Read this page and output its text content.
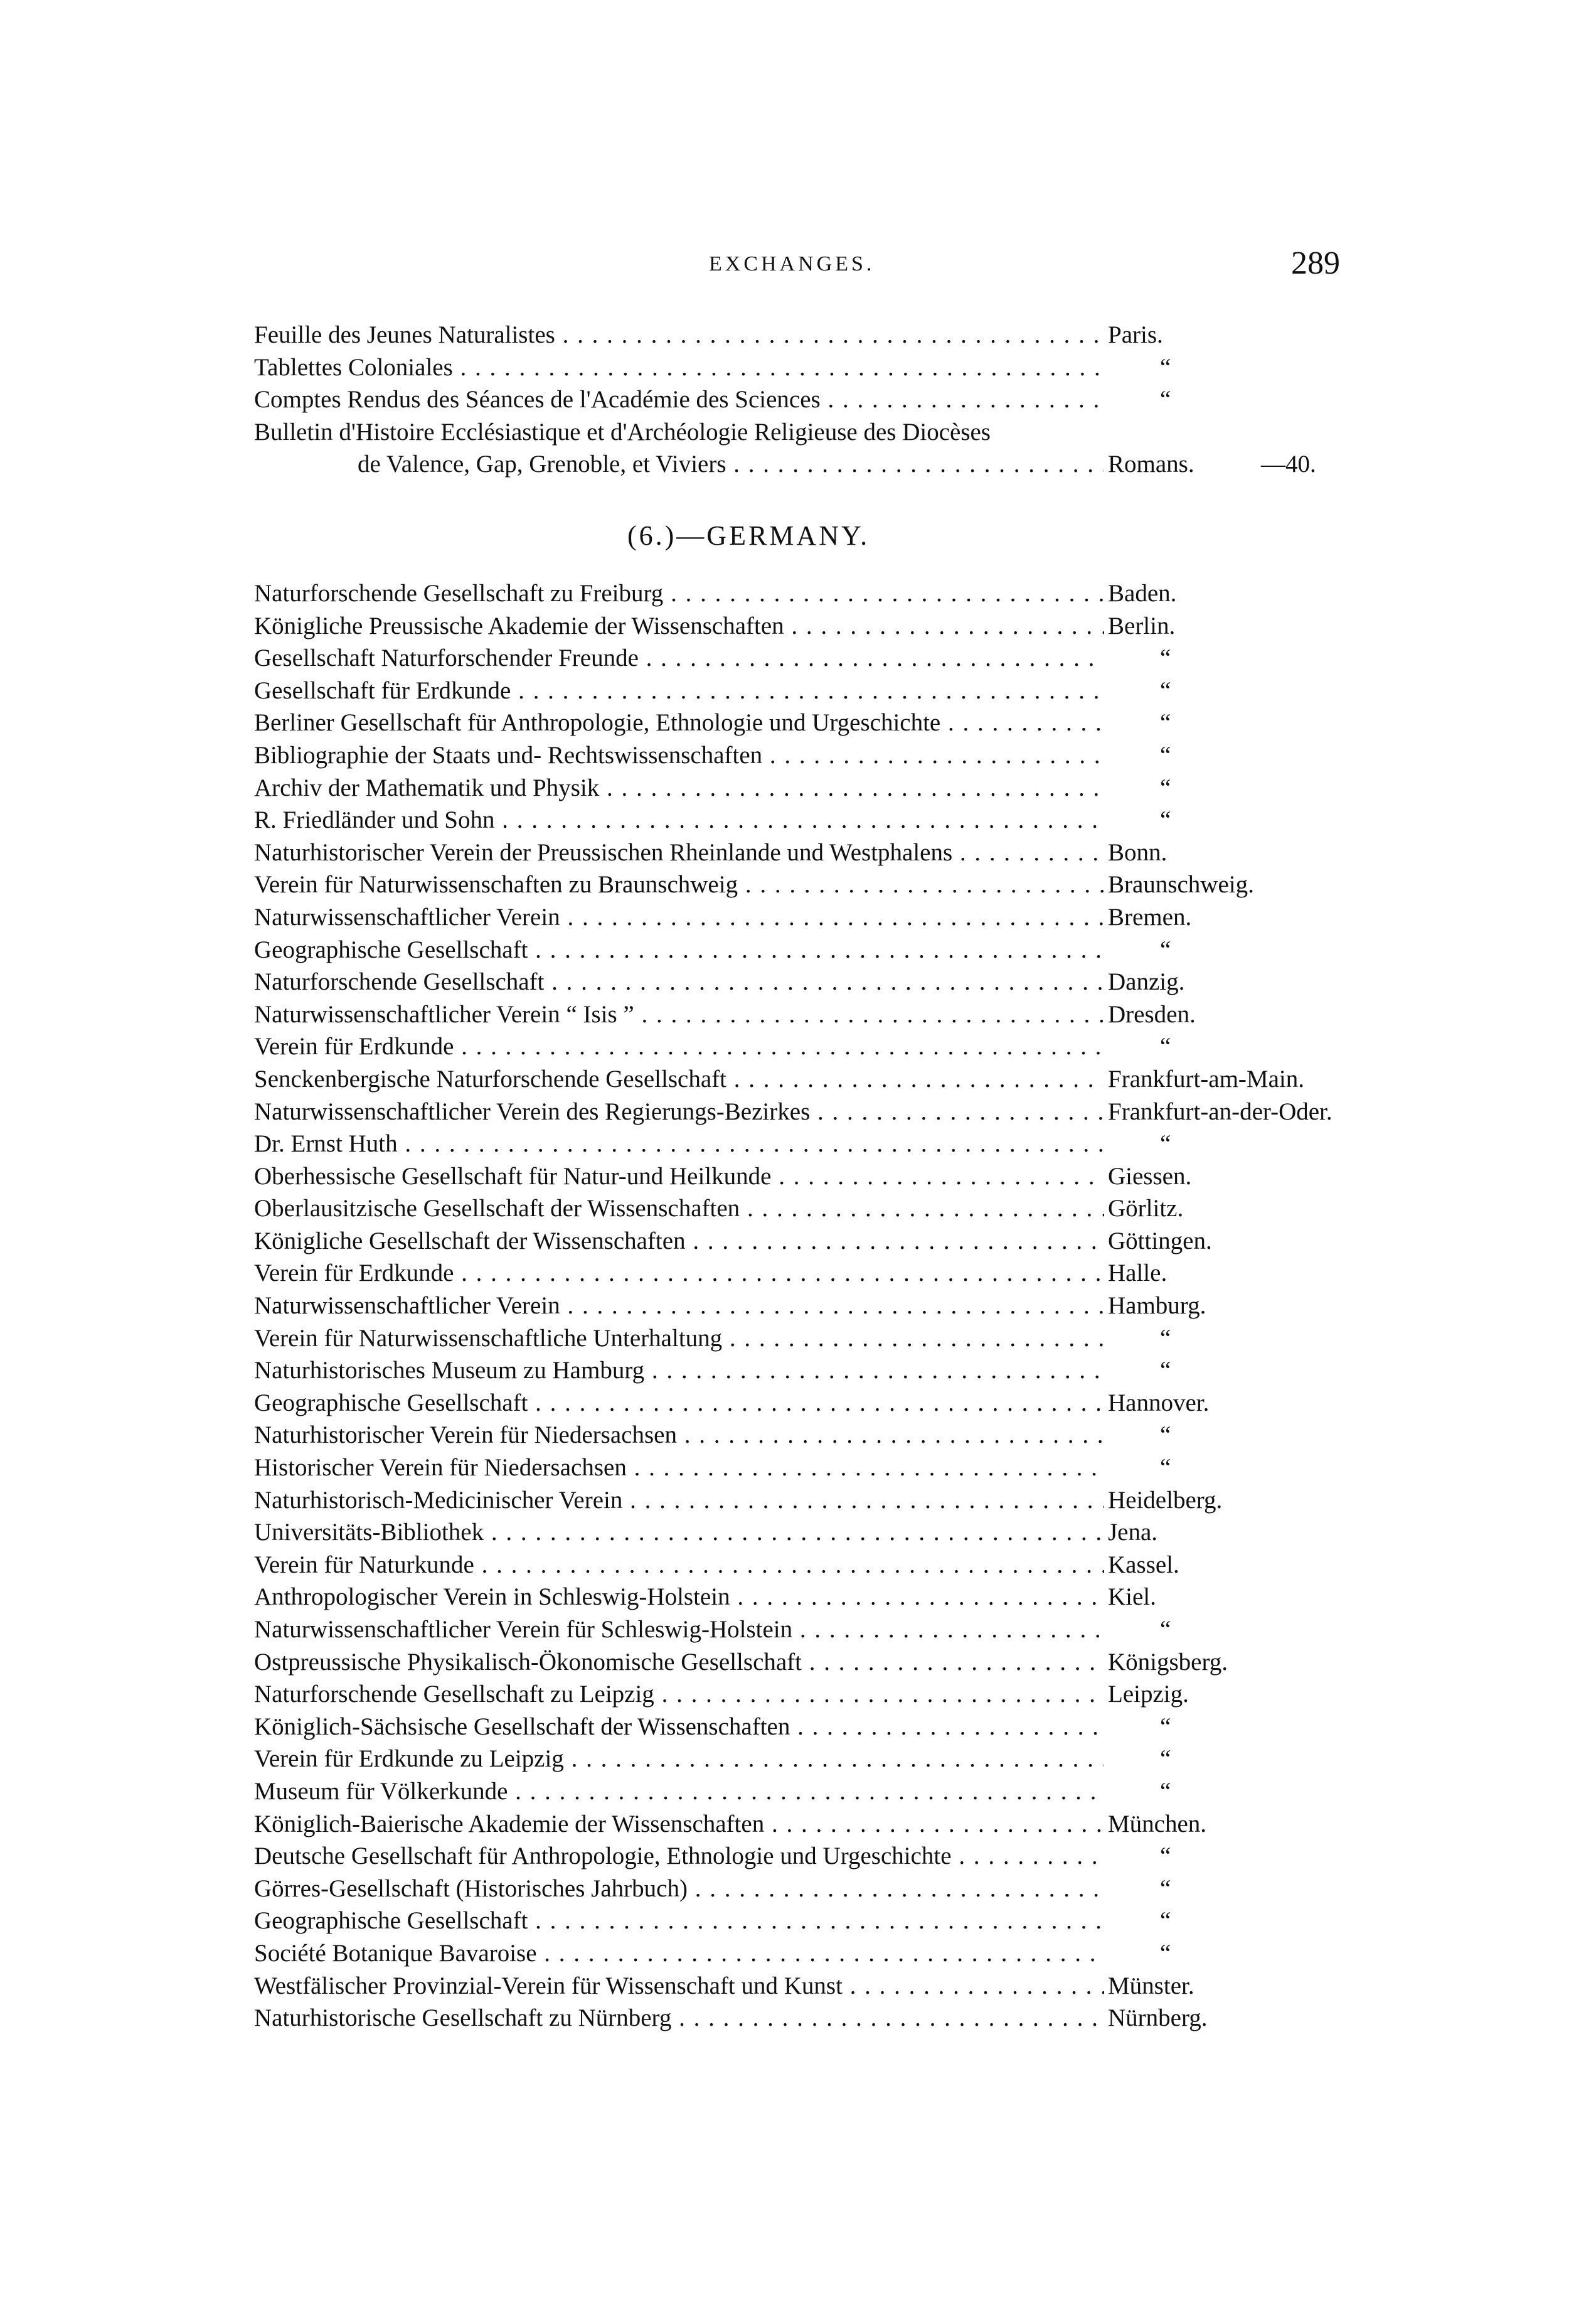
EXCHANGES.	289
Feuille des Jeunes Naturalistes . . .	Paris.
Tablettes Coloniales . . .	“
Comptes Rendus des Séances de l'Académie des Sciences . . .	“
Bulletin d'Histoire Ecclésiastique et d'Archéologie Religieuse des Diocèses
de Valence, Gap, Grenoble, et Viviers . . .	Romans.	—40.
(6.)—GERMANY.
Naturforschende Gesellschaft zu Freiburg . . .	Baden.
Königliche Preussische Akademie der Wissenschaften . . .	Berlin.
Gesellschaft Naturforschender Freunde . . .	“
Gesellschaft für Erdkunde . . .	“
Berliner Gesellschaft für Anthropologie, Ethnologie und Urgeschichte . . .	“
Bibliographie der Staats und- Rechtswissenschaften . . .	“
Archiv der Mathematik und Physik . . .	“
R. Friedländer und Sohn . . .	“
Naturhistorischer Verein der Preussischen Rheinlande und Westphalens . . .	Bonn.
Verein für Naturwissenschaften zu Braunschweig . . .	Braunschweig.
Naturwissenschaftlicher Verein . . .	Bremen.
Geographische Gesellschaft . . .	“
Naturforschende Gesellschaft . . .	Danzig.
Naturwissenschaftlicher Verein “ Isis ” . . .	Dresden.
Verein für Erdkunde . . .	“
Senckenbergische Naturforschende Gesellschaft . . .	Frankfurt-am-Main.
Naturwissenschaftlicher Verein des Regierungs-Bezirkes . . .	Frankfurt-an-der-Oder.
Dr. Ernst Huth . . .	“
Oberhessische Gesellschaft für Natur-und Heilkunde . . .	Giessen.
Oberlausitzische Gesellschaft der Wissenschaften . . .	Görlitz.
Königliche Gesellschaft der Wissenschaften . . .	Göttingen.
Verein für Erdkunde . . .	Halle.
Naturwissenschaftlicher Verein . . .	Hamburg.
Verein für Naturwissenschaftliche Unterhaltung . . .	“
Naturhistorisches Museum zu Hamburg . . .	“
Geographische Gesellschaft . . .	Hannover.
Naturhistorischer Verein für Niedersachsen . . .	“
Historischer Verein für Niedersachsen . . .	“
Naturhistorisch-Medicinischer Verein . . .	Heidelberg.
Universitäts-Bibliothek . . .	Jena.
Verein für Naturkunde . . .	Kassel.
Anthropologischer Verein in Schleswig-Holstein . . .	Kiel.
Naturwissenschaftlicher Verein für Schleswig-Holstein . . .	“
Ostpreussische Physikalisch-Ökonomische Gesellschaft . . .	Königsberg.
Naturforschende Gesellschaft zu Leipzig . . .	Leipzig.
Königlich-Sächsische Gesellschaft der Wissenschaften . . .	“
Verein für Erdkunde zu Leipzig . . .	“
Museum für Völkerkunde . . .	“
Königlich-Baierische Akademie der Wissenschaften . . .	München.
Deutsche Gesellschaft für Anthropologie, Ethnologie und Urgeschichte . . .	“
Görres-Gesellschaft (Historisches Jahrbuch) . . .	“
Geographische Gesellschaft . . .	“
Société Botanique Bavaroise . . .	“
Westfälischer Provinzial-Verein für Wissenschaft und Kunst . . .	Münster.
Naturhistorische Gesellschaft zu Nürnberg . . .	Nürnberg.
